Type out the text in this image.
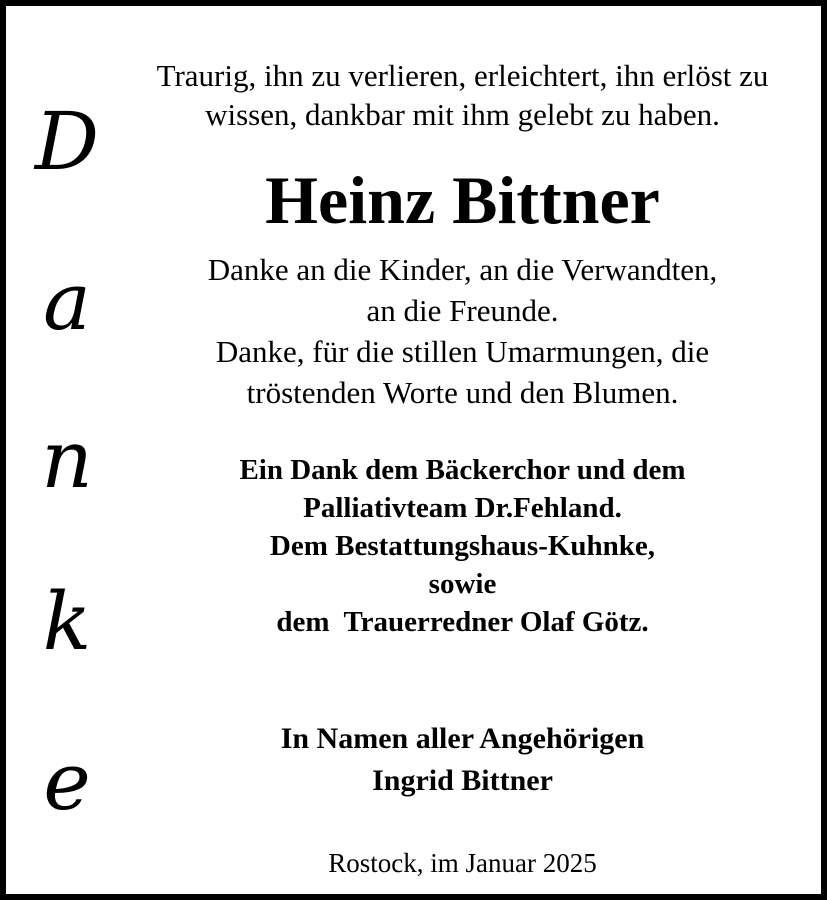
D
a
n
k
e
Traurig, ihn zu verlieren, erleichtert, ihn erlöst zu
wissen, dankbar mit ihm gelebt zu haben.
Heinz Bittner
Danke an die Kinder, an die Verwandten,
an die Freunde.
Danke, für die stillen Umarmungen, die
tröstenden Worte und den Blumen.
Ein Dank dem Bäckerchor und dem
Palliativteam Dr.Fehland.
Dem Bestattungshaus-Kuhnke,
sowie
dem  Trauerredner Olaf Götz.
In Namen aller Angehörigen
Ingrid Bittner
Rostock, im Januar 2025
